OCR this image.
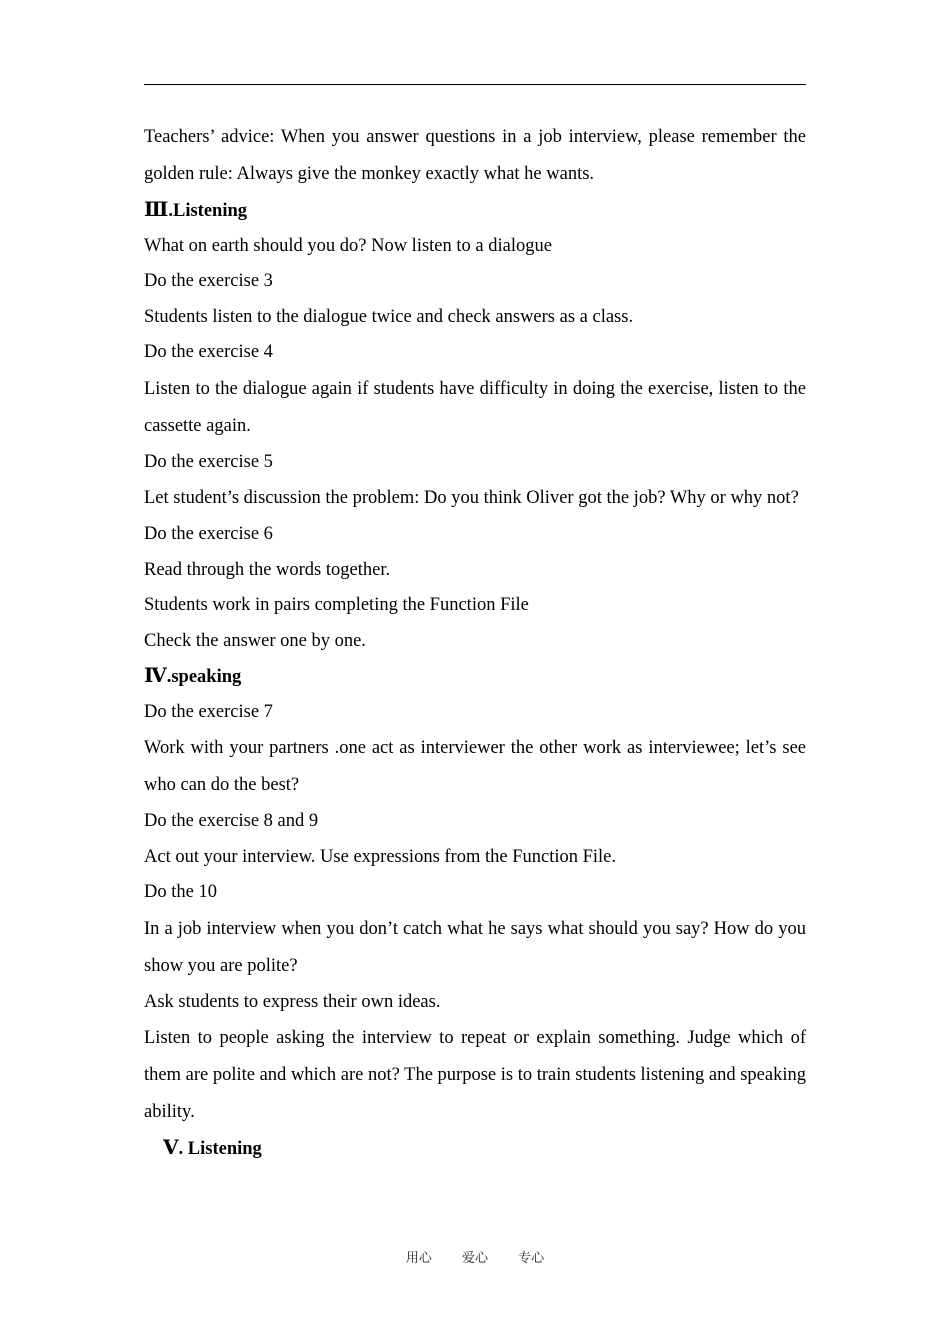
Teachers’ advice: When you answer questions in a job interview, please remember the golden rule: Always give the monkey exactly what he wants.

Ⅲ.Listening
What on earth should you do? Now listen to a dialogue
Do the exercise 3
Students listen to the dialogue twice and check answers as a class.
Do the exercise 4

Listen to the dialogue again if students have difficulty in doing the exercise, listen to the cassette again.

Do the exercise 5

Let student’s discussion the problem: Do you think Oliver got the job? Why or why not?

Do the exercise 6
Read through the words together.
Students work in pairs completing the Function File
Check the answer one by one.
Ⅳ.speaking
Do the exercise 7

Work with your partners .one act as interviewer the other work as interviewee; let’s see who can do the best?

Do the exercise 8 and 9
Act out your interview. Use expressions from the Function File.
Do the 10

In a job interview when you don’t catch what he says what should you say? How do you show you are polite?

Ask students to express their own ideas.

Listen to people asking the interview to repeat or explain something. Judge which of them are polite and which are not? The purpose is to train students listening and speaking ability.

Ⅴ. Listening
用心 爱心 专心
